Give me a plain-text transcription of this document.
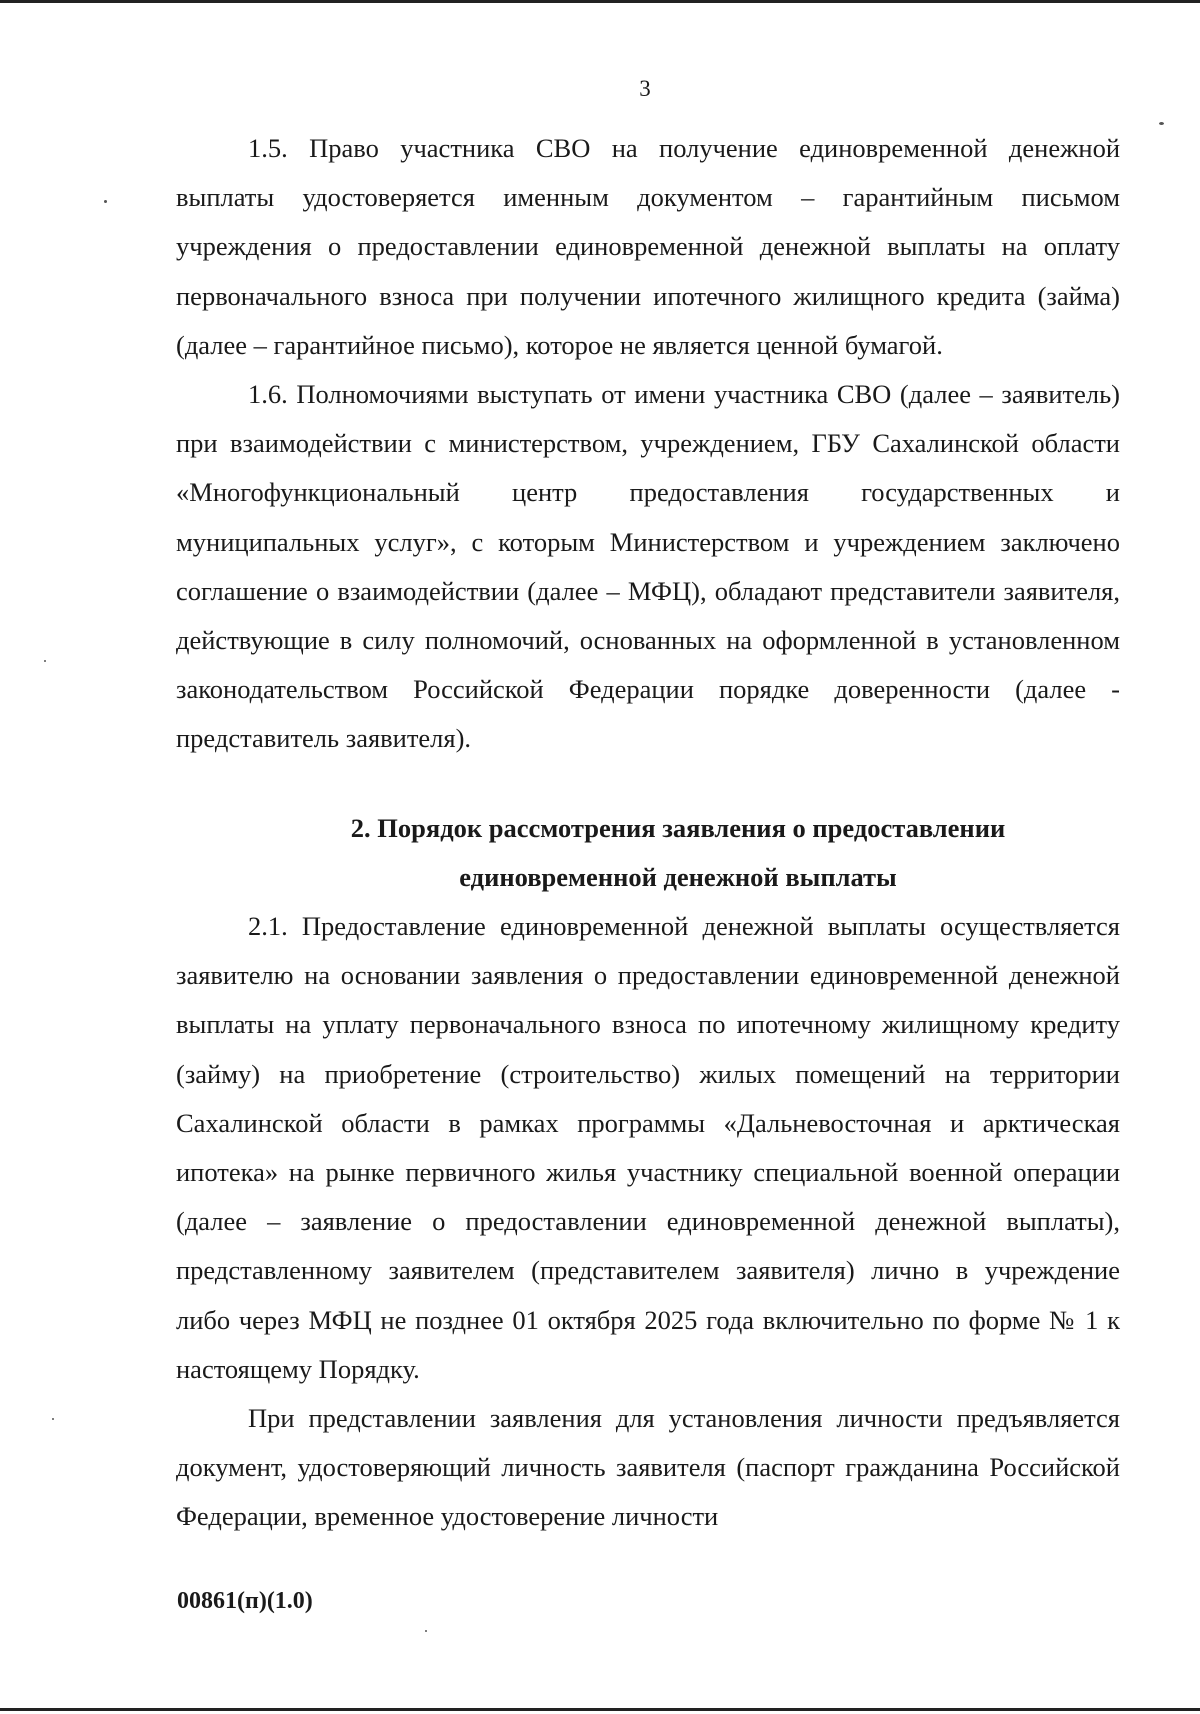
3

1.5. Право участника СВО на получение единовременной денежной выплаты удостоверяется именным документом – гарантийным письмом учреждения о предоставлении единовременной денежной выплаты на оплату первоначального взноса при получении ипотечного жилищного кредита (займа) (далее – гарантийное письмо), которое не является ценной бумагой.

1.6. Полномочиями выступать от имени участника СВО (далее – заявитель) при взаимодействии с министерством, учреждением, ГБУ Сахалинской области «Многофункциональный центр предоставления государственных и муниципальных услуг», с которым Министерством и учреждением заключено соглашение о взаимодействии (далее – МФЦ), обладают представители заявителя, действующие в силу полномочий, основанных на оформленной в установленном законодательством Российской Федерации порядке доверенности (далее - представитель заявителя).

2. Порядок рассмотрения заявления о предоставлении
единовременной денежной выплаты

2.1. Предоставление единовременной денежной выплаты осуществляется заявителю на основании заявления о предоставлении единовременной денежной выплаты на уплату первоначального взноса по ипотечному жилищному кредиту (займу) на приобретение (строительство) жилых помещений на территории Сахалинской области в рамках программы «Дальневосточная и арктическая ипотека» на рынке первичного жилья участнику специальной военной операции (далее – заявление о предоставлении единовременной денежной выплаты), представленному заявителем (представителем заявителя) лично в учреждение либо через МФЦ не позднее 01 октября 2025 года включительно по форме № 1 к настоящему Порядку.

При представлении заявления для установления личности предъявляется документ, удостоверяющий личность заявителя (паспорт гражданина Российской Федерации, временное удостоверение личности

00861(п)(1.0)
